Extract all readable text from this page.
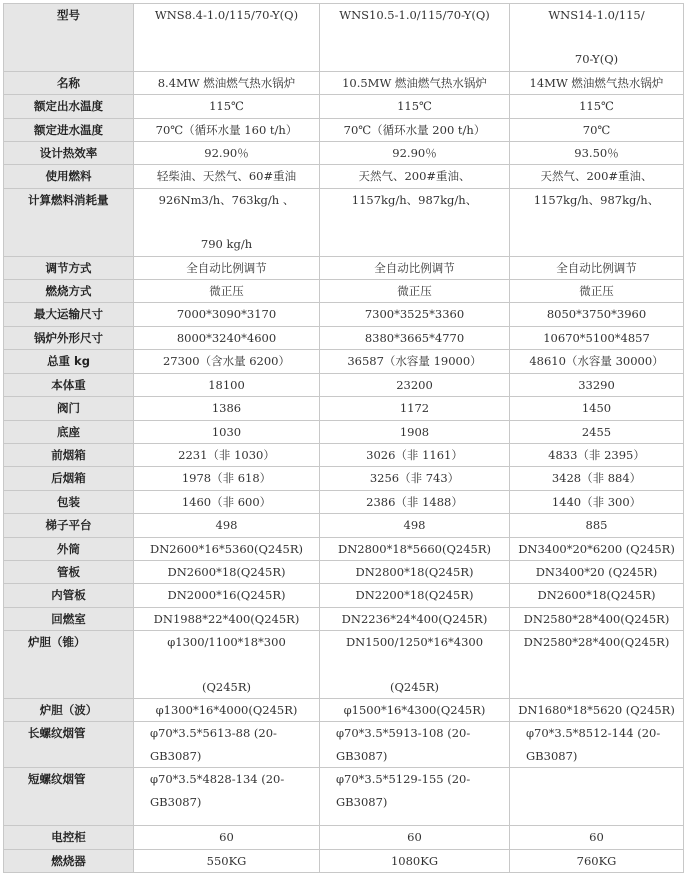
型号	WNS8.4-1.0/115/70-Y(Q)	WNS10.5-1.0/115/70-Y(Q)	WNS14-1.0/115/
70-Y(Q)

名称	8.4MW 燃油燃气热水锅炉	10.5MW 燃油燃气热水锅炉	14MW 燃油燃气热水锅炉

额定出水温度	115℃	115℃	115℃

额定进水温度	70℃（循环水量 160 t/h）	70℃（循环水量 200 t/h）	70℃

设计热效率	92.90％	92.90％	93.50％

使用燃料	轻柴油、天然气、60#重油	天然气、200#重油、	天然气、200#重油、

计算燃料消耗量	926Nm3/h、763kg/h 、
790 kg/h	1157kg/h、987kg/h、	1157kg/h、987kg/h、

调节方式	全自动比例调节	全自动比例调节	全自动比例调节

燃烧方式	微正压	微正压	微正压

最大运输尺寸	7000*3090*3170	7300*3525*3360	8050*3750*3960

锅炉外形尺寸	8000*3240*4600	8380*3665*4770	10670*5100*4857

总重 kg	27300（含水量 6200）	36587（水容量 19000）	48610（水容量 30000）

本体重	18100	23200	33290

阀门	1386	1172	1450

底座	1030	1908	2455

前烟箱	2231（非 1030）	3026（非 1161）	4833（非 2395）

后烟箱	1978（非 618）	3256（非 743）	3428（非 884）

包装	1460（非 600）	2386（非 1488）	1440（非 300）

梯子平台	498	498	885

外筒	DN2600*16*5360(Q245R)	DN2800*18*5660(Q245R)	DN3400*20*6200 (Q245R)

管板	DN2600*18(Q245R)	DN2800*18(Q245R)	DN3400*20 (Q245R)

内管板	DN2000*16(Q245R)	DN2200*18(Q245R)	DN2600*18(Q245R)

回燃室	DN1988*22*400(Q245R)	DN2236*24*400(Q245R)	DN2580*28*400(Q245R)

炉胆（锥）	φ1300/1100*18*300
(Q245R)	DN1500/1250*16*4300
(Q245R)	DN2580*28*400(Q245R)

炉胆（波）	φ1300*16*4000(Q245R)	φ1500*16*4300(Q245R)	DN1680*18*5620 (Q245R)

长螺纹烟管	φ70*3.5*5613-88 (20-
GB3087)	φ70*3.5*5913-108 (20-
GB3087)	φ70*3.5*8512-144 (20-
GB3087)

短螺纹烟管	φ70*3.5*4828-134 (20-
GB3087)	φ70*3.5*5129-155 (20-
GB3087)	

电控柜	60	60	60

燃烧器	550KG	1080KG	760KG
